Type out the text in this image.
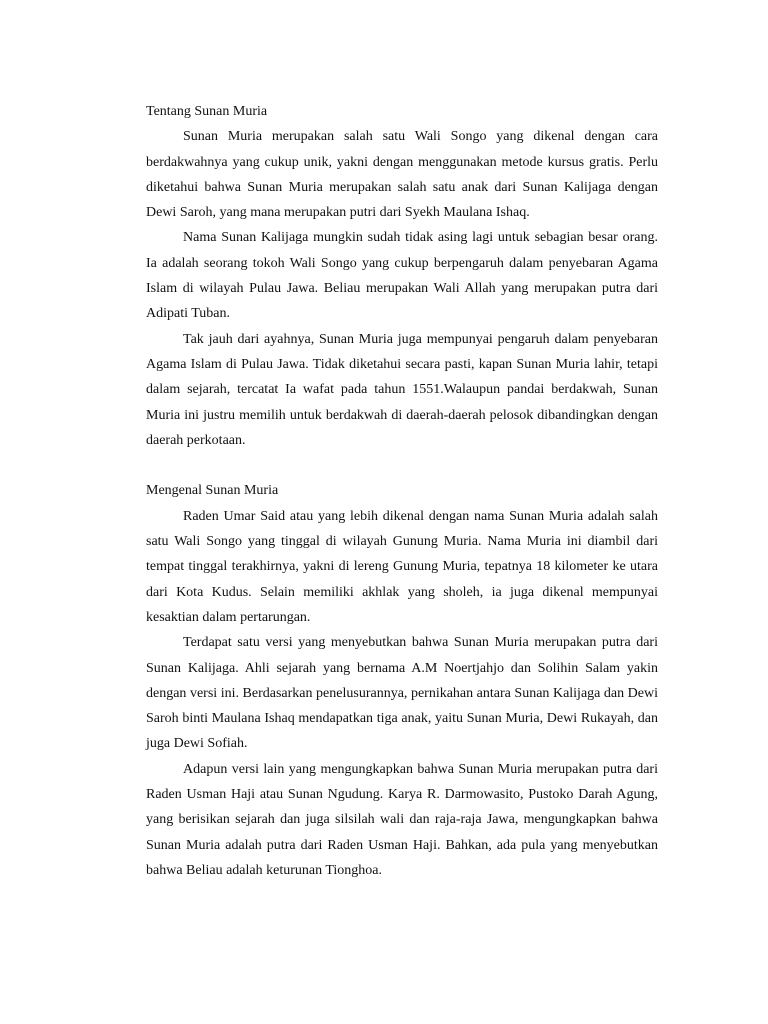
Tentang Sunan Muria

Sunan Muria merupakan salah satu Wali Songo yang dikenal dengan cara berdakwahnya yang cukup unik, yakni dengan menggunakan metode kursus gratis. Perlu diketahui bahwa Sunan Muria merupakan salah satu anak dari Sunan Kalijaga dengan Dewi Saroh, yang mana merupakan putri dari Syekh Maulana Ishaq.

Nama Sunan Kalijaga mungkin sudah tidak asing lagi untuk sebagian besar orang. Ia adalah seorang tokoh Wali Songo yang cukup berpengaruh dalam penyebaran Agama Islam di wilayah Pulau Jawa. Beliau merupakan Wali Allah yang merupakan putra dari Adipati Tuban.

Tak jauh dari ayahnya, Sunan Muria juga mempunyai pengaruh dalam penyebaran Agama Islam di Pulau Jawa. Tidak diketahui secara pasti, kapan Sunan Muria lahir, tetapi dalam sejarah, tercatat Ia wafat pada tahun 1551.Walaupun pandai berdakwah, Sunan Muria ini justru memilih untuk berdakwah di daerah-daerah pelosok dibandingkan dengan daerah perkotaan.

Mengenal Sunan Muria

Raden Umar Said atau yang lebih dikenal dengan nama Sunan Muria adalah salah satu Wali Songo yang tinggal di wilayah Gunung Muria. Nama Muria ini diambil dari tempat tinggal terakhirnya, yakni di lereng Gunung Muria, tepatnya 18 kilometer ke utara dari Kota Kudus. Selain memiliki akhlak yang sholeh, ia juga dikenal mempunyai kesaktian dalam pertarungan.

Terdapat satu versi yang menyebutkan bahwa Sunan Muria merupakan putra dari Sunan Kalijaga. Ahli sejarah yang bernama A.M Noertjahjo dan Solihin Salam yakin dengan versi ini. Berdasarkan penelusurannya, pernikahan antara Sunan Kalijaga dan Dewi Saroh binti Maulana Ishaq mendapatkan tiga anak, yaitu Sunan Muria, Dewi Rukayah, dan juga Dewi Sofiah.

Adapun versi lain yang mengungkapkan bahwa Sunan Muria merupakan putra dari Raden Usman Haji atau Sunan Ngudung. Karya R. Darmowasito, Pustoko Darah Agung, yang berisikan sejarah dan juga silsilah wali dan raja-raja Jawa, mengungkapkan bahwa Sunan Muria adalah putra dari Raden Usman Haji. Bahkan, ada pula yang menyebutkan bahwa Beliau adalah keturunan Tionghoa.
